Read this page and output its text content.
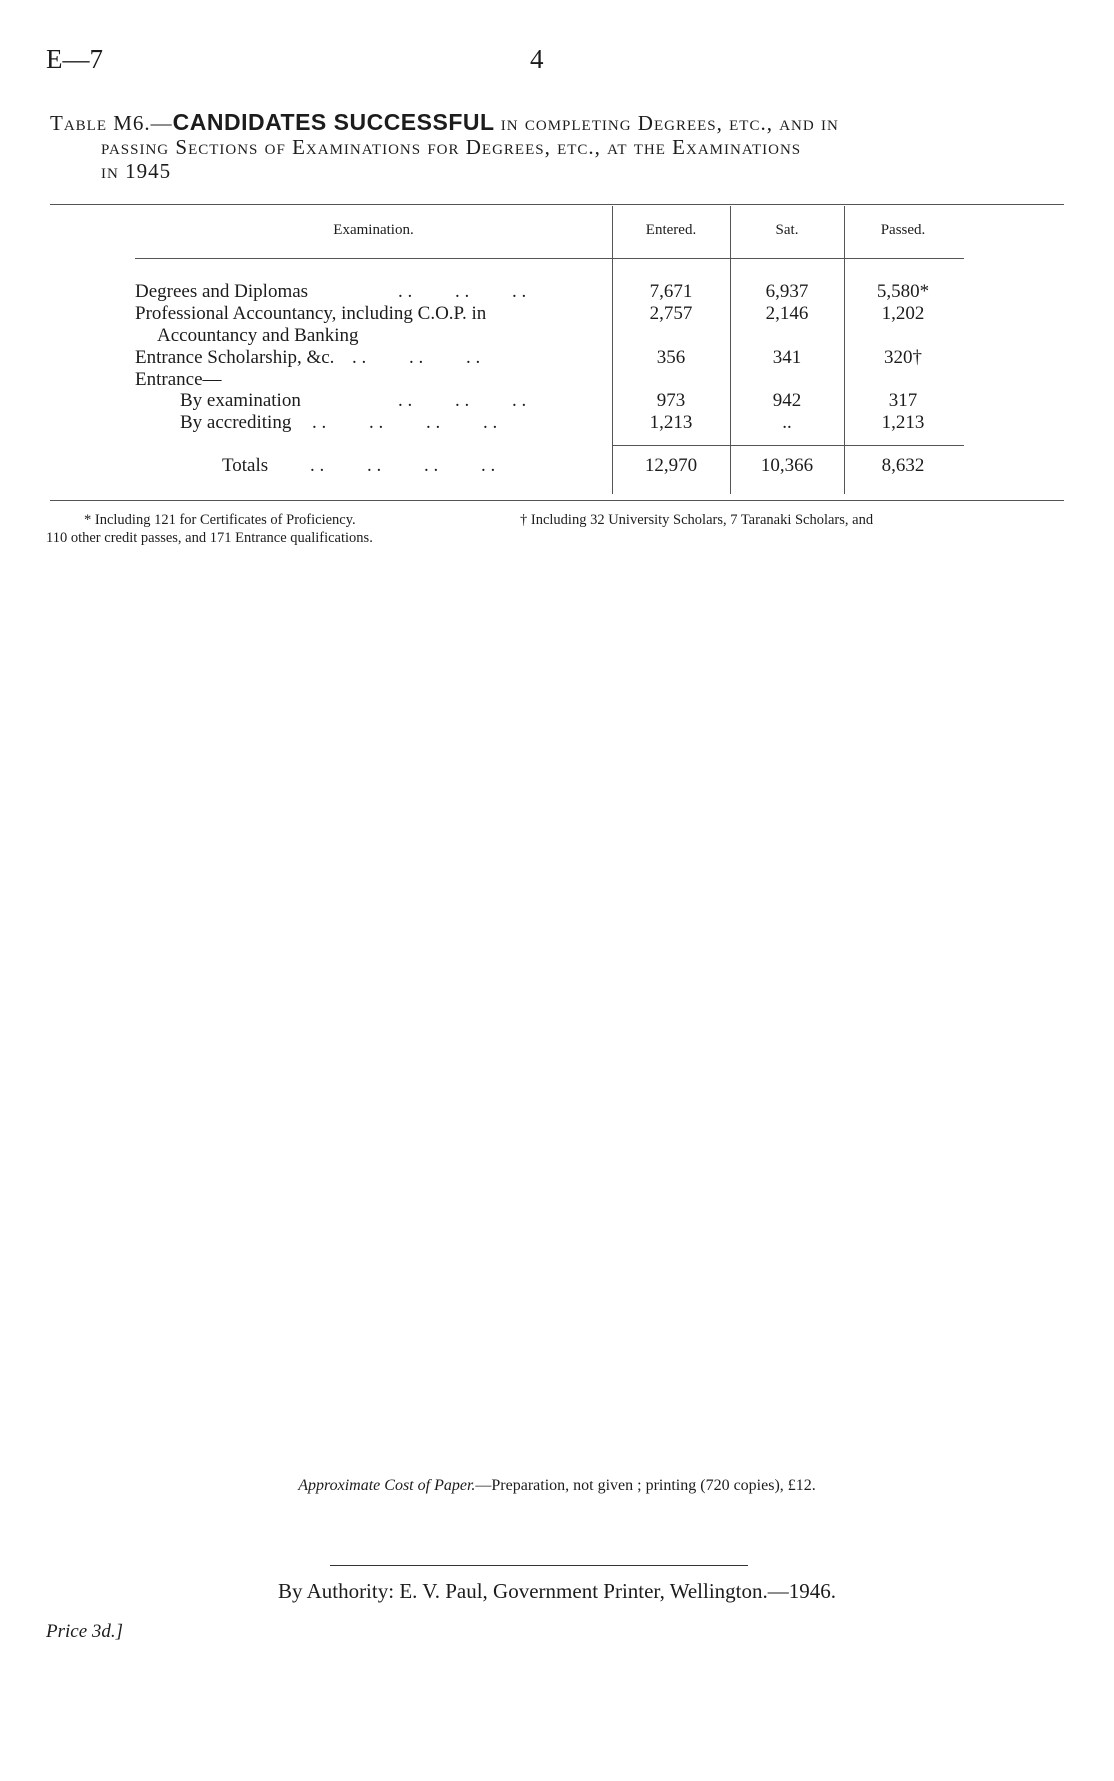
E—7	4
Table M6.—CANDIDATES SUCCESSFUL in completing Degrees, etc., and in
passing Sections of Examinations for Degrees, etc., at the Examinations
in 1945
Examination.	Entered.	Sat.	Passed.
Degrees and Diplomas	. .         . .         . .	7,671	6,937	5,580*
Professional Accountancy, including C.O.P. in
Accountancy and Banking
2,757	2,146	1,202
Entrance Scholarship, &c. . .         . .         . .	356	341	320†
Entrance—
By examination	. .         . .         . .	973	942	317
By accrediting . .         . .         . .         . .	1,213	..	1,213
Totals . .         . .         . .         . .	12,970	10,366	8,632
* Including 121 for Certificates of Proficiency.	† Including 32 University Scholars, 7 Taranaki Scholars, and
110 other credit passes, and 171 Entrance qualifications.
Approximate Cost of Paper.—Preparation, not given ; printing (720 copies), £12.
By Authority: E. V. Paul, Government Printer, Wellington.—1946.
Price 3d.]
